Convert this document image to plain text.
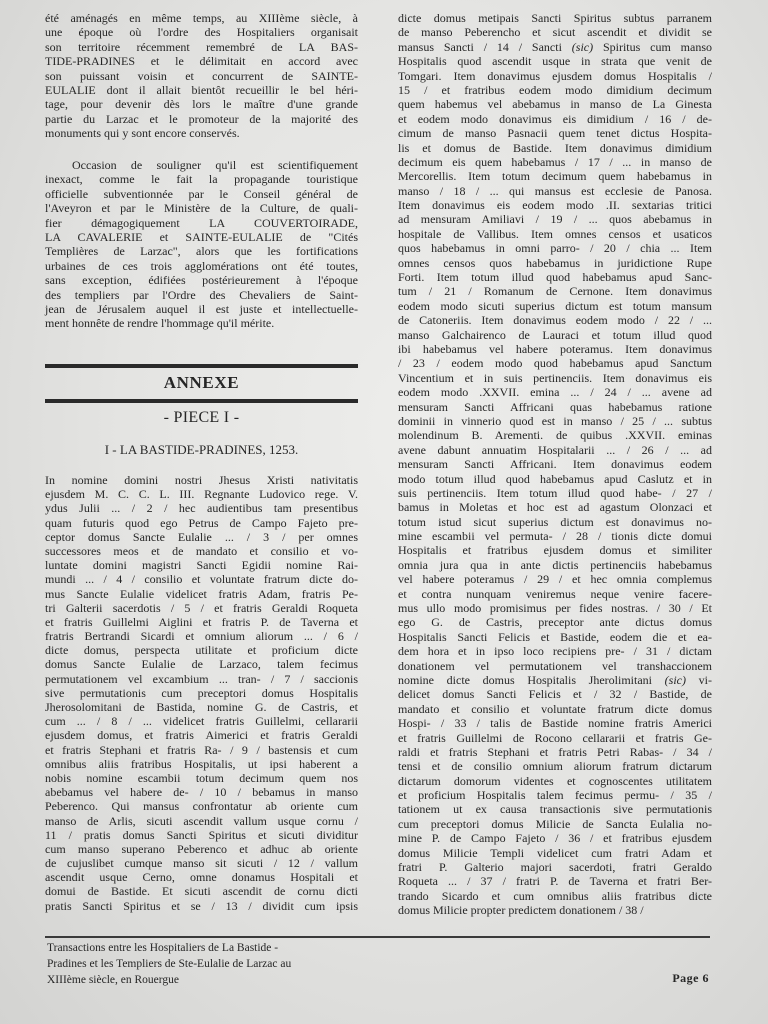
été aménagés en même temps, au XIIIème siècle, à
une époque où l'ordre des Hospitaliers organisait
son territoire récemment remembré de LA BAS-
TIDE-PRADINES et le délimitait en accord avec
son puissant voisin et concurrent de SAINTE-
EULALIE dont il allait bientôt recueillir le bel héri-
tage, pour devenir dès lors le maître d'une grande
partie du Larzac et le promoteur de la majorité des
monuments qui y sont encore conservés.
Occasion de souligner qu'il est scientifiquement
inexact, comme le fait la propagande touristique
officielle subventionnée par le Conseil général de
l'Aveyron et par le Ministère de la Culture, de quali-
fier démagogiquement LA COUVERTOIRADE,
LA CAVALERIE et SAINTE-EULALIE de "Cités
Templières de Larzac", alors que les fortifications
urbaines de ces trois agglomérations ont été toutes,
sans exception, édifiées postérieurement à l'époque
des templiers par l'Ordre des Chevaliers de Saint-
jean de Jérusalem auquel il est juste et intellectuelle-
ment honnête de rendre l'hommage qu'il mérite.
ANNEXE
- PIECE I -
I - LA BASTIDE-PRADINES, 1253.
In nomine domini nostri Jhesus Xristi nativitatis
ejusdem M. C. C. L. III. Regnante Ludovico rege. V.
ydus Julii ... / 2 / hec audientibus tam presentibus
quam futuris quod ego Petrus de Campo Fajeto pre-
ceptor domus Sancte Eulalie ... / 3 / per omnes
successores meos et de mandato et consilio et vo-
luntate domini magistri Sancti Egidii nomine Rai-
mundi ... / 4 / consilio et voluntate fratrum dicte do-
mus Sancte Eulalie videlicet fratris Adam, fratris Pe-
tri Galterii sacerdotis / 5 / et fratris Geraldi Roqueta
et fratris Guillelmi Aiglini et fratris P. de Taverna et
fratris Bertrandi Sicardi et omnium aliorum ... / 6 /
dicte domus, perspecta utilitate et proficium dicte
domus Sancte Eulalie de Larzaco, talem fecimus
permutationem vel excambium ... tran- / 7 / saccionis
sive permutationis cum preceptori domus Hospitalis
Jherosolomitani de Bastida, nomine G. de Castris, et
cum ... / 8 / ... videlicet fratris Guillelmi, cellararii
ejusdem domus, et fratris Aimerici et fratris Geraldi
et fratris Stephani et fratris Ra- / 9 / bastensis et cum
omnibus aliis fratribus Hospitalis, ut ipsi haberent a
nobis nomine escambii totum decimum quem nos
abebamus vel habere de- / 10 / bebamus in manso
Peberenco. Qui mansus confrontatur ab oriente cum
manso de Arlis, sicuti ascendit vallum usque cornu /
11 / pratis domus Sancti Spiritus et sicuti dividitur
cum manso superano Peberenco et adhuc ab oriente
de cujuslibet cumque manso sit sicuti / 12 / vallum
ascendit usque Cerno, omne donamus Hospitali et
domui de Bastide. Et sicuti ascendit de cornu dicti
pratis Sancti Spiritus et se / 13 / dividit cum ipsis
dicte domus metipais Sancti Spiritus subtus parranem
de manso Peberencho et sicut ascendit et dividit se
mansus Sancti / 14 / Sancti (sic) Spiritus cum manso
Hospitalis quod ascendit usque in strata que venit de
Tomgari. Item donavimus ejusdem domus Hospitalis /
15 / et fratribus eodem modo dimidium decimum
quem habemus vel abebamus in manso de La Ginesta
et eodem modo donavimus eis dimidium / 16 / de-
cimum de manso Pasnacii quem tenet dictus Hospita-
lis et domus de Bastide. Item donavimus dimidium
decimum eis quem habebamus / 17 / ... in manso de
Mercorellis. Item totum decimum quem habebamus in
manso / 18 / ... qui mansus est ecclesie de Panosa.
Item donavimus eis eodem modo .II. sextarias tritici
ad mensuram Amiliavi / 19 / ... quos abebamus in
hospitale de Vallibus. Item omnes censos et usaticos
quos habebamus in omni parro- / 20 / chia ... Item
omnes censos quos habebamus in juridictione Rupe
Forti. Item totum illud quod habebamus apud Sanc-
tum / 21 / Romanum de Cernone. Item donavimus
eodem modo sicuti superius dictum est totum mansum
de Catoneriis. Item donavimus eodem modo / 22 / ...
manso Galchairenco de Lauraci et totum illud quod
ibi habebamus vel habere poteramus. Item donavimus
/ 23 / eodem modo quod habebamus apud Sanctum
Vincentium et in suis pertinenciis. Item donavimus eis
eodem modo .XXVII. emina ... / 24 / ... avene ad
mensuram Sancti Affricani quas habebamus ratione
dominii in vinnerio quod est in manso / 25 / ... subtus
molendinum B. Arementi. de quibus .XXVII. eminas
avene dabunt annuatim Hospitalarii ... / 26 / ... ad
mensuram Sancti Affricani. Item donavimus eodem
modo totum illud quod habebamus apud Caslutz et in
suis pertinenciis. Item totum illud quod habe- / 27 /
bamus in Moletas et hoc est ad agastum Olonzaci et
totum istud sicut superius dictum est donavimus no-
mine escambii vel permuta- / 28 / tionis dicte domui
Hospitalis et fratribus ejusdem domus et similiter
omnia jura qua in ante dictis pertinenciis habebamus
vel habere poteramus / 29 / et hec omnia complemus
et contra nunquam veniremus neque venire facere-
mus ullo modo promisimus per fides nostras. / 30 / Et
ego G. de Castris, preceptor ante dictus domus
Hospitalis Sancti Felicis et Bastide, eodem die et ea-
dem hora et in ipso loco recipiens pre- / 31 / dictam
donationem vel permutationem vel transhaccionem
nomine dicte domus Hospitalis Jherolimitani (sic) vi-
delicet domus Sancti Felicis et / 32 / Bastide, de
mandato et consilio et voluntate fratrum dicte domus
Hospi- / 33 / talis de Bastide nomine fratris Americi
et fratris Guillelmi de Rocono cellararii et fratris Ge-
raldi et fratris Stephani et fratris Petri Rabas- / 34 /
tensi et de consilio omnium aliorum fratrum dictarum
dictarum domorum videntes et cognoscentes utilitatem
et proficium Hospitalis talem fecimus permu- / 35 /
tationem ut ex causa transactionis sive permutationis
cum preceptori domus Milicie de Sancta Eulalia no-
mine P. de Campo Fajeto / 36 / et fratribus ejusdem
domus Milicie Templi videlicet cum fratri Adam et
fratri P. Galterio majori sacerdoti, fratri Geraldo
Roqueta ... / 37 / fratri P. de Taverna et fratri Ber-
trando Sicardo et cum omnibus aliis fratribus dicte
domus Milicie propter predictem donationem / 38 /
Transactions entre les Hospitaliers de La Bastide -
Pradines et les Templiers de Ste-Eulalie de Larzac au
XIIIème siècle, en Rouergue	Page 6
